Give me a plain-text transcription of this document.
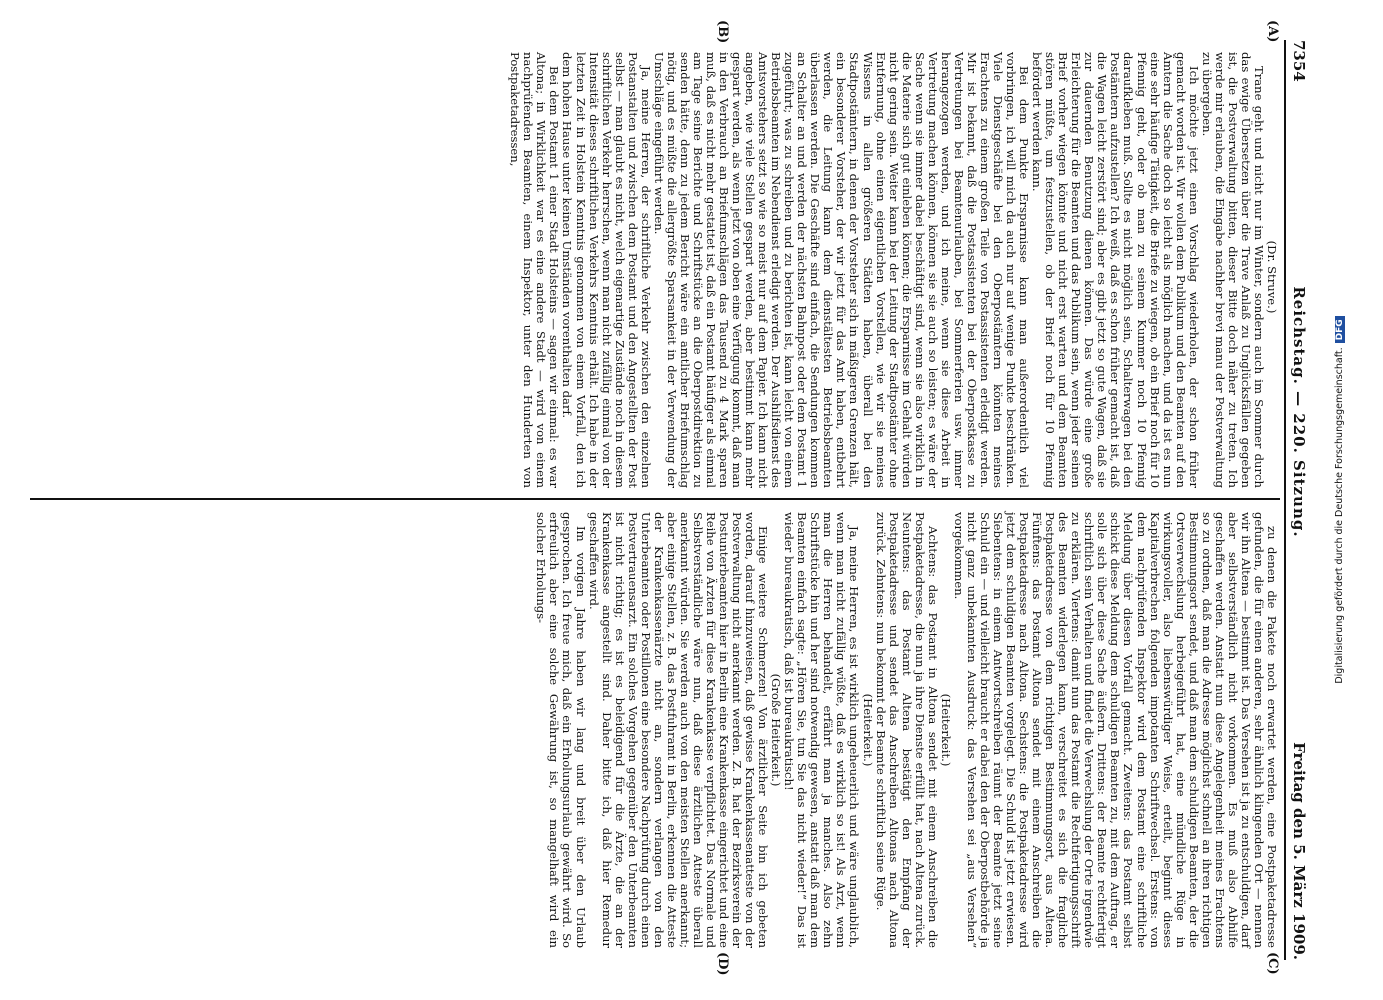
7354
Reichstag. — 220. Sitzung.
Freitag den 5. März 1909.
(A)
(B)
(C)
(D)

(Dr. Struve.)

Trane geht und nicht nur im Winter, sondern auch im Sommer durch das ewige Übersetzen über die Trave Anlaß zu Unglücksfällen gegeben ist, die Postverwaltung bitten, dieser Bitte doch näher zu treten. Ich werde mir erlauben, die Eingabe nachher brevi manu der Postverwaltung zu übergeben.

Ich möchte jetzt einen Vorschlag wiederholen, der schon früher gemacht worden ist. Wir wollen dem Publikum und den Beamten auf den Ämtern die Sache doch so leicht als möglich machen, und da ist es nun eine sehr häufige Tätigkeit, die Briefe zu wiegen, ob ein Brief noch für 10 Pfennig geht, oder ob man zu seinem Kummer noch 10 Pfennig daraufkleben muß. Sollte es nicht möglich sein, Schalterwagen bei den Postämtern aufzustellen? Ich weiß, daß es schon früher gemacht ist, daß die Wagen leicht zerstört sind; aber es gibt jetzt so gute Wagen, daß sie zur dauernden Benutzung dienen können. Das würde eine große Erleichterung für die Beamten und das Publikum sein, wenn jeder seinen Brief vorher wiegen könnte und nicht erst warten und dem Beamten stören müßte, um festzustellen, ob der Brief noch für 10 Pfennig befördert werden kann.

Bei dem Punkte Ersparnisse kann man außerordentlich viel vorbringen, ich will mich da auch nur auf wenige Punkte beschränken. Viele Dienstgeschäfte bei den Oberpostämtern könnten meines Erachtens zu einem großen Teile von Postassistenten erledigt werden. Mir ist bekannt, daß die Postassistenten bei der Oberpostkasse zu Vertretungen bei Beamtenurlauben, bei Sommerferien usw. immer herangezogen werden, und ich meine, wenn sie diese Arbeit in Vertretung machen können, können sie sie auch so leisten; es wäre der Sache wenn sie immer dabei beschäftigt sind, wenn sie also wirklich in die Materie sich gut einleben können; die Ersparnisse im Gehalt würden nicht gering sein. Weiter kann bei der Leitung der Stadtpostämter ohne Entfernung, ohne einen eigentlichen Vorstellen, wie wir sie meines Wissens in allen größeren Städten haben, überall bei den Stadtpostämtern, in denen der Vorsteher sich in mäßigeren Grenzen hält, ein besonderer Vorsteher, der wir jetzt für das Amt haben, entbehrt werden, die Leitung kann dem dienstältesten Betriebsbeamten überlassen werden. Die Geschäfte sind einfach, die Sendungen kommen an Schalter an und werden der nächsten Bahnpost oder dem Postamt 1 zugeführt; was zu schreiben und zu berichten ist, kann leicht von einem Betriebsbeamten im Nebendienst erledigt werden. Der Aushilfsdienst des Amtsvorstehers setzt so wie so meist nur auf dem Papier. Ich kann nicht angeben, wie viele Stellen gespart werden, aber bestimmt kann mehr gespart werden, als wenn jetzt von oben eine Verfügung kommt, daß man in den Verbrauch an Briefumschlägen das Tausend zu 4 Mark sparen muß, daß es nicht mehr gestattet ist, daß ein Postamt häufiger als einmal am Tage seine Berichte und Schriftstücke an die Oberpostdirektion zu senden hätte, denn zu jedem Bericht wäre ein amtlicher Briefumschlag nötig, und es müßte die allergrößte Sparsamkeit in der Verwendung der Umschläge eingeführt werden.

Ja, meine Herren, der schriftliche Verkehr zwischen den einzelnen Postanstalten und zwischen dem Postamt und den Angestellten der Post selbst — man glaubt es nicht, welch eigenartige Zustände noch in diesem schriftlichen Verkehr herrschen, wenn man nicht zufällig einmal von der Intensität dieses schriftlichen Verkehrs Kenntnis erhält. Ich habe in der letzten Zeit in Holstein Kenntnis genommen von einem Vorfall, den ich dem hohen Hause unter keinen Umständen vorenthalten darf.

Bei dem Postamt 1 einer Stadt Holsteins — sagen wir einmal: es war Altona; in Wirklichkeit war es eine andere Stadt — wird von einem nachprüfenden Beamten, einem Inspektor, unter den Hunderten von Postpaketadressen,

zu denen die Pakete noch erwartet werden, eine Postpaketadresse gefunden, die für einen anderen, sehr ähnlich klingenden Ort — nennen wir ihn Altena — bestimmt ist. Das Versehen ist ja zu entschuldigen, darf aber selbstverständlich nicht vorkommen. Es muß also Abhilfe geschaffen werden. Anstatt nun diese Angelegenheit meines Erachtens so zu ordnen, daß man die Adresse möglichst schnell an ihren richtigen Bestimmungsort sendet, und daß man dem schuldigen Beamten, der die Ortsverwechslung herbeigeführt hat, eine mündliche Rüge in wirkungsvoller, also liebenswürdiger Weise, erteilt, beginnt dieses Kapitalverbrechen folgenden impotanten Schriftwechsel. Erstens: von dem nachprüfenden Inspektor wird dem Postamt eine schriftliche Meldung über diesen Vorfall gemacht. Zweitens: das Postamt selbst schickt diese Meldung dem schuldigen Beamten zu, mit dem Auftrag, er solle sich über diese Sache äußern. Drittens: der Beamte rechtfertigt schriftlich sein Verhalten und findet die Verwechslung der Orte irgendwie zu erklären. Viertens: damit nun das Postamt die Rechtfertigungsschrift des Beamten widerlegen kann, verschreitet es sich die fragliche Postpaketadresse von dem richtigen Bestimmungsort, aus Altena. Fünftens: das Postamt Altona sendet mit einem Anschreiben die Postpaketadresse nach Altona. Sechstens: die Postpaketadresse wird jetzt dem schuldigen Beamten vorgelegt. Die Schuld ist jetzt erwiesen. Siebentens: in einem Antwortschreiben räumt der Beamte jetzt seine Schuld ein — und vielleicht braucht er dabei den der Oberpostbehörde ja nicht ganz unbekannten Ausdruck: das Versehen sei „aus Versehen“ vorgekommen.

(Heiterkeit.)

Achtens: das Postamt in Altona sendet mit einem Anschreiben die Postpaketadresse, die nun ja ihre Dienste erfüllt hat, nach Altena zurück. Neuntens: das Postamt Altena bestätigt den Empfang der Postpaketadresse und sendet das Anschreiben Altonas nach Altona zurück. Zehntens: nun bekommt der Beamte schriftlich seine Rüge.

(Heiterkeit.)

Ja, meine Herren, es ist wirklich ungeheuerlich und wäre unglaublich, wenn man nicht zufällig wüßte, daß es wirklich so ist! Als Arzt, wenn man die Herren behandelt, erfährt man ja manches. Also zehn Schriftstücke hin und her sind notwendig gewesen, anstatt daß man dem Beamten einfach sagte: „Hören Sie, tun Sie das nicht wieder!“ Das ist wieder bureaukratisch, daß ist bureaukratisch!

(Große Heiterkeit.)

Einige weitere Schmerzen! Von ärztlicher Seite bin ich gebeten worden, darauf hinzuweisen, daß gewisse Krankenkassenatteste von der Postverwaltung nicht anerkannt werden. Z. B. hat der Bezirksverein der Postunterbeamten hier in Berlin eine Krankenkasse eingerichtet und eine Reihe von Ärzten für diese Krankenkasse verpflichtet. Das Normale und Selbstverständliche wäre nun, daß diese ärztlichen Atteste überall anerkannt würden. Sie werden auch von den meisten Stellen anerkannt; aber einige Stellen, z. B. das Postfuhramt in Berlin, erkennen die Atteste der Krankenkassenärzte nicht an, sondern verlangen von den Unterbeamten oder Postillonen eine besondere Nachprüfung durch einen Postvertrauensarzt. Ein solches Vorgehen gegenüber den Unterbeamten ist nicht richtig; es ist es beleidigend für die Ärzte, die an der Krankenkasse angestellt sind. Daher bitte ich, daß hier Remedur geschaffen wird.

Im vorigen Jahre haben wir lang und breit über den Urlaub gesprochen. Ich freue mich, daß ein Erholungsurlaub gewährt wird. So erfreulich aber eine solche Gewährung ist, so mangelhaft wird ein solcher Erholungs-	Digitalisierung gefördert durch die Deutsche Forschungsgemeinschaft.DFG
